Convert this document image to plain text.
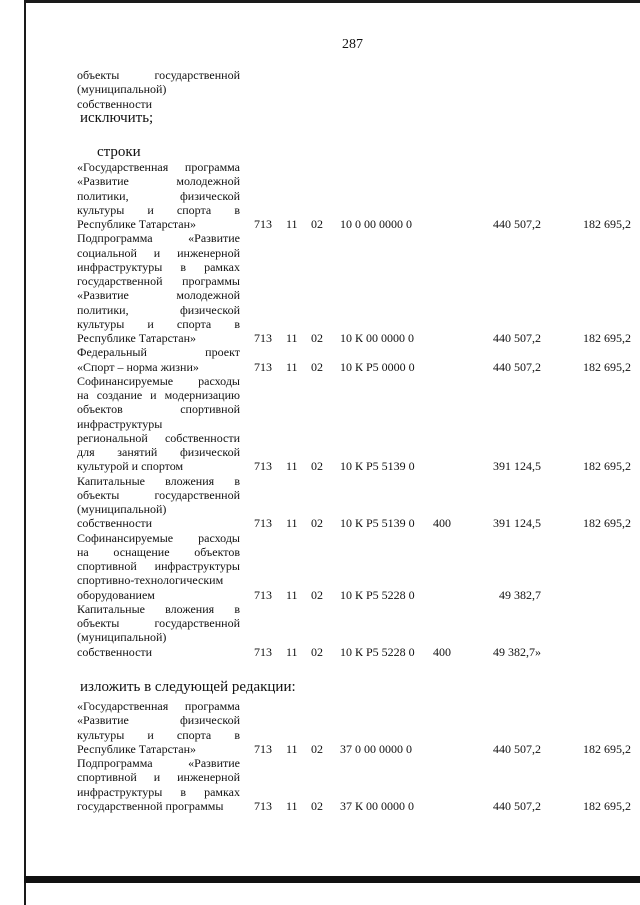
287
объекты государственной
(муниципальной)
собственности
исключить;
строки
«Государственная программа
«Развитие молодежной
политики, физической
культуры и спорта в
Республике Татарстан»	713 11 02 10 0 00 0000 0	440 507,2	182 695,2
Подпрограмма «Развитие
социальной и инженерной
инфраструктуры в рамках
государственной программы
«Развитие молодежной
политики, физической
культуры и спорта в
Республике Татарстан»	713 11 02 10 К 00 0000 0	440 507,2	182 695,2
Федеральный проект
«Спорт – норма жизни»	713 11 02 10 К Р5 0000 0	440 507,2	182 695,2
Софинансируемые расходы
на создание и модернизацию
объектов спортивной
инфраструктуры
региональной собственности
для занятий физической
культурой и спортом	713 11 02 10 К Р5 5139 0	391 124,5	182 695,2
Капитальные вложения в
объекты государственной
(муниципальной)
собственности	713 11 02 10 К Р5 5139 0 400	391 124,5	182 695,2
Софинансируемые расходы
на оснащение объектов
спортивной инфраструктуры
спортивно-технологическим
оборудованием	713 11 02 10 К Р5 5228 0	49 382,7
Капитальные вложения в
объекты государственной
(муниципальной)
собственности	713 11 02 10 К Р5 5228 0 400	49 382,7»
изложить в следующей редакции:
«Государственная программа
«Развитие физической
культуры и спорта в
Республике Татарстан»	713 11 02 37 0 00 0000 0	440 507,2	182 695,2
Подпрограмма «Развитие
спортивной и инженерной
инфраструктуры в рамках
государственной программы	713 11 02 37 К 00 0000 0	440 507,2	182 695,2
